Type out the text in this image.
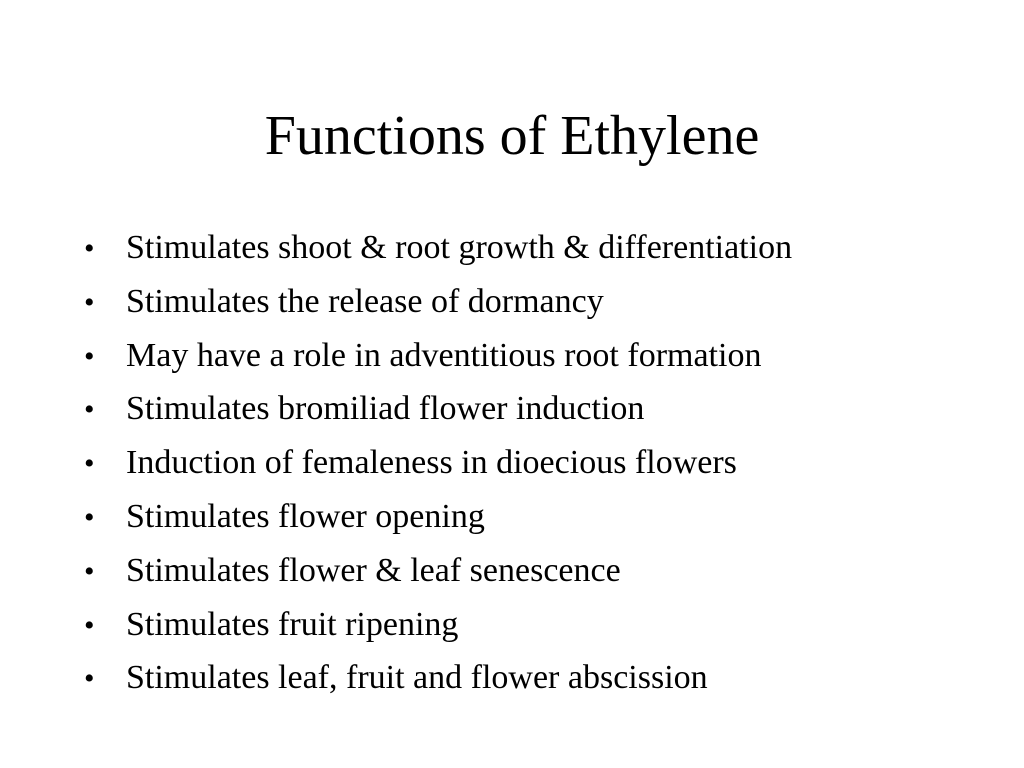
Functions of Ethylene
• Stimulates shoot & root growth & differentiation
• Stimulates the release of dormancy
• May have a role in adventitious root formation
• Stimulates bromiliad flower induction
• Induction of femaleness in dioecious flowers
• Stimulates flower opening
• Stimulates flower & leaf senescence
• Stimulates fruit ripening
• Stimulates leaf, fruit and flower abscission
